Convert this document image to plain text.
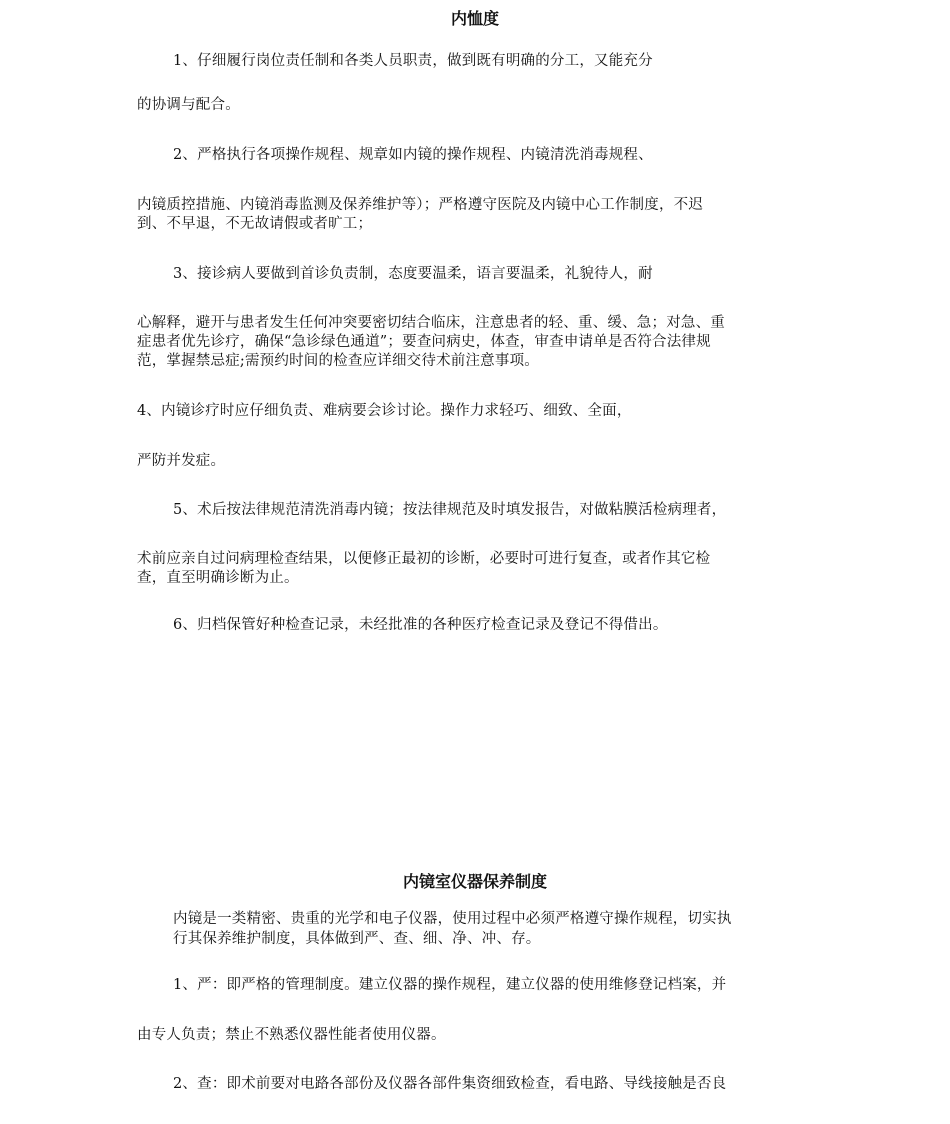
内恤度

1、仔细履行岗位责任制和各类人员职责，做到既有明确的分工，又能充分

的协调与配合。

2、严格执行各项操作规程、规章如内镜的操作规程、内镜清洗消毒规程、

内镜质控措施、内镜消毒监测及保养维护等）；严格遵守医院及内镜中心工作制度，不迟

到、不早退，不无故请假或者旷工；

3、接诊病人要做到首诊负责制，态度要温柔，语言要温柔，礼貌待人，耐

心解释，避开与患者发生任何冲突要密切结合临床，注意患者的轻、重、缓、急；对急、重

症患者优先诊疗，确保“急诊绿色通道”；要查问病史，体查，审查申请单是否符合法律规

范，掌握禁忌症;需预约时间的检查应详细交待术前注意事项。

4、内镜诊疗时应仔细负责、难病要会诊讨论。操作力求轻巧、细致、全面，

严防并发症。

5、术后按法律规范清洗消毒内镜；按法律规范及时填发报告，对做粘膜活检病理者，

术前应亲自过问病理检查结果，以便修正最初的诊断，必要时可进行复查，或者作其它检

查，直至明确诊断为止。

6、归档保管好种检查记录，未经批准的各种医疗检查记录及登记不得借出。

内镜室仪器保养制度

内镜是一类精密、贵重的光学和电子仪器，使用过程中必须严格遵守操作规程，切实执

行其保养维护制度，具体做到严、查、细、净、冲、存。

1、严：即严格的管理制度。建立仪器的操作规程，建立仪器的使用维修登记档案，并

由专人负责；禁止不熟悉仪器性能者使用仪器。

2、查：即术前要对电路各部份及仪器各部件集资细致检查，看电路、导线接触是否良
